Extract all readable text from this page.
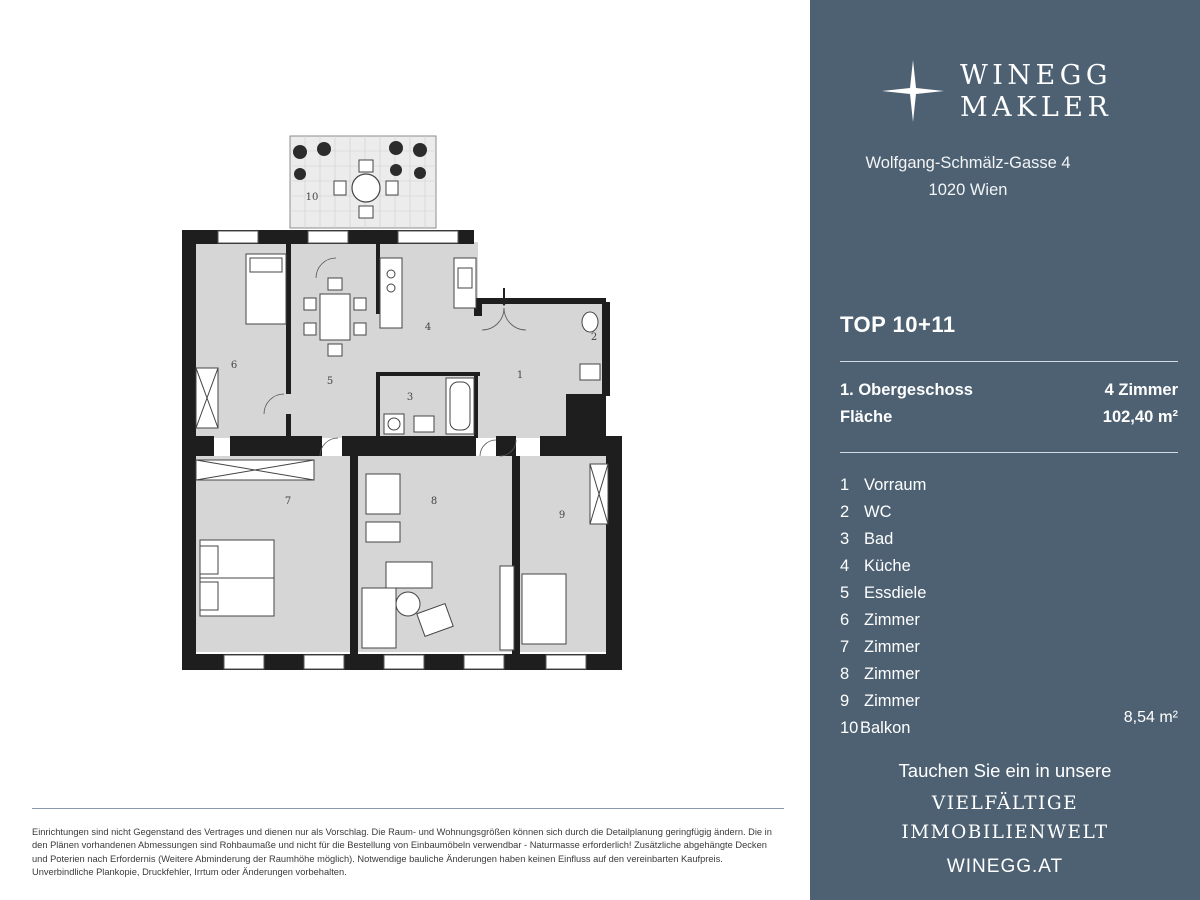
1
2
3
4
5
6
7	8
9
10
Einrichtungen sind nicht Gegenstand des Vertrages und dienen nur als Vorschlag. Die Raum- und Wohnungsgrößen können sich durch die Detailplanung geringfügig ändern. Die in den Plänen vorhandenen Abmessungen sind Rohbaumaße und nicht für die Bestellung von Einbaumöbeln verwendbar - Naturmasse erforderlich! Zusätzliche abgehängte Decken und Poterien nach Erfordernis (Weitere Abminderung der Raumhöhe möglich). Notwendige bauliche Änderungen haben keinen Einfluss auf den vereinbarten Kaufpreis. Unverbindliche Plankopie, Druckfehler, Irrtum oder Änderungen vorbehalten.
WINEGG
MAKLER
Wolfgang-Schmälz-Gasse 4
1020 Wien
TOP 10+11
1. Obergeschoss	4 Zimmer
Fläche	102,40 m²
1 Vorraum
2 WC
3 Bad
4 Küche
5 Essdiele
6 Zimmer
7 Zimmer
8 Zimmer
9 Zimmer
10 Balkon
8,54 m²
Tauchen Sie ein in unsere
VIELFÄLTIGE
IMMOBILIENWELT
WINEGG.AT
